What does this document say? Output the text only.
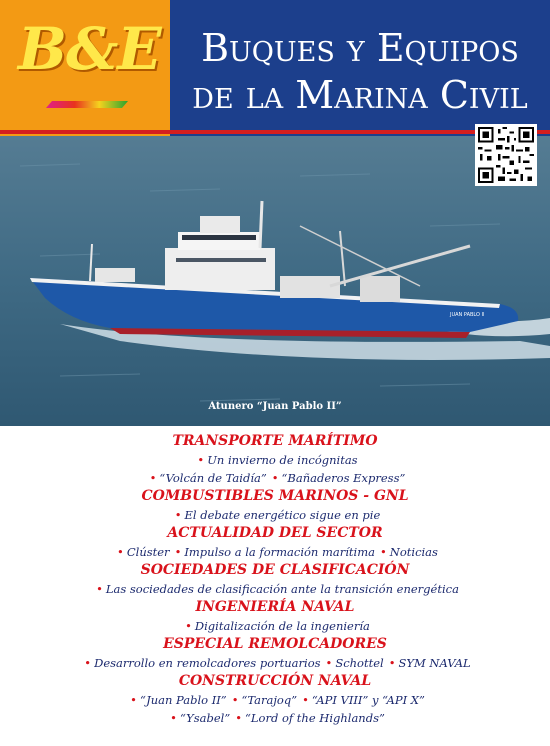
B&E	Buques y Equipos
de la Marina Civil
JUAN PABLO II
Atunero “Juan Pablo II”
TRANSPORTE MARÍTIMO
• Un invierno de incógnitas
• “Volcán de Taidía” • “Bañaderos Express”
COMBUSTIBLES MARINOS - GNL
• El debate energético sigue en pie
ACTUALIDAD DEL SECTOR
• Clúster • Impulso a la formación marítima • Noticias
SOCIEDADES DE CLASIFICACIÓN
• Las sociedades de clasificación ante la transición energética
INGENIERÍA NAVAL
• Digitalización de la ingeniería
ESPECIAL REMOLCADORES
• Desarrollo en remolcadores portuarios • Schottel • SYM NAVAL
CONSTRUCCIÓN NAVAL
• “Juan Pablo II” • “Tarajoq” • “API VIII” y “API X”
• “Ysabel” • “Lord of the Highlands”
